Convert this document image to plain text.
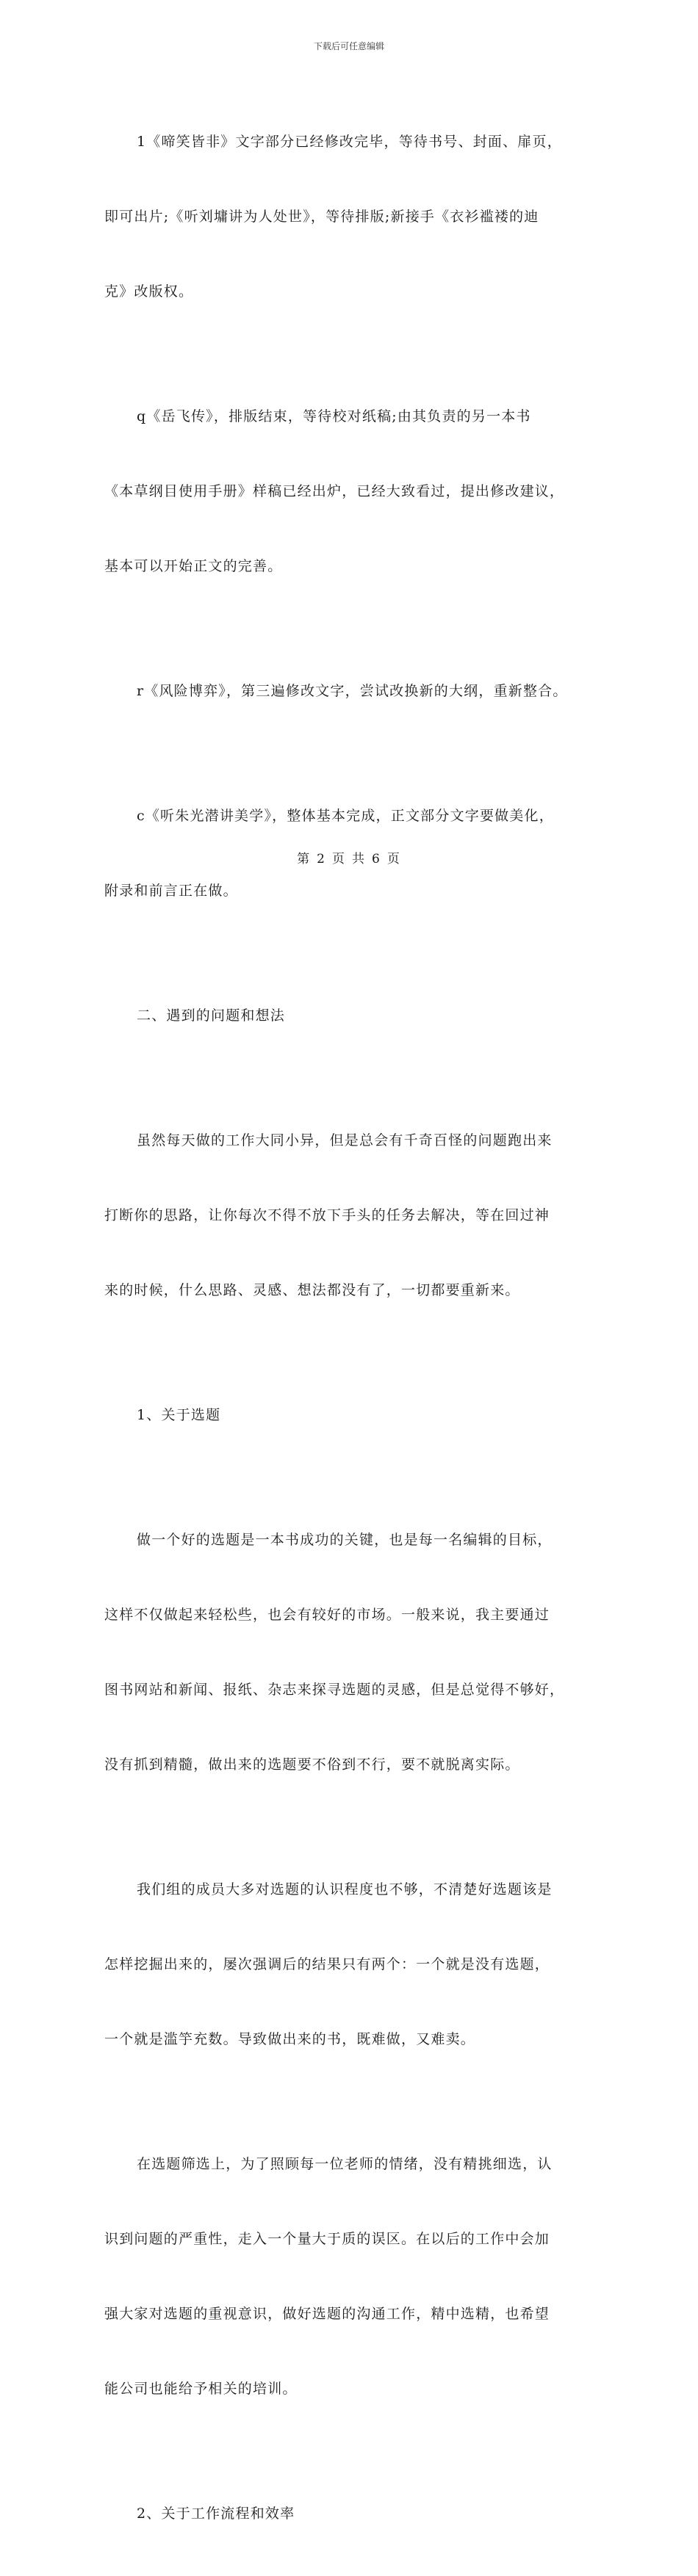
下载后可任意编辑

1《啼笑皆非》文字部分已经修改完毕，等待书号、封面、扉页，

即可出片;《听刘墉讲为人处世》，等待排版;新接手《衣衫褴褛的迪

克》改版权。

q《岳飞传》，排版结束，等待校对纸稿;由其负责的另一本书

《本草纲目使用手册》样稿已经出炉，已经大致看过，提出修改建议，

基本可以开始正文的完善。

r《风险博弈》，第三遍修改文字，尝试改换新的大纲，重新整合。

c《听朱光潜讲美学》，整体基本完成，正文部分文字要做美化，

附录和前言正在做。

二、遇到的问题和想法

虽然每天做的工作大同小异，但是总会有千奇百怪的问题跑出来

打断你的思路，让你每次不得不放下手头的任务去解决，等在回过神

来的时候，什么思路、灵感、想法都没有了，一切都要重新来。

1、关于选题

做一个好的选题是一本书成功的关键，也是每一名编辑的目标，

这样不仅做起来轻松些，也会有较好的市场。一般来说，我主要通过

图书网站和新闻、报纸、杂志来探寻选题的灵感，但是总觉得不够好，

没有抓到精髓，做出来的选题要不俗到不行，要不就脱离实际。

我们组的成员大多对选题的认识程度也不够，不清楚好选题该是

怎样挖掘出来的，屡次强调后的结果只有两个：一个就是没有选题，

一个就是滥竽充数。导致做出来的书，既难做，又难卖。

在选题筛选上，为了照顾每一位老师的情绪，没有精挑细选，认

识到问题的严重性，走入一个量大于质的误区。在以后的工作中会加

强大家对选题的重视意识，做好选题的沟通工作，精中选精，也希望

能公司也能给予相关的培训。

2、关于工作流程和效率

第 2 页 共 6 页
